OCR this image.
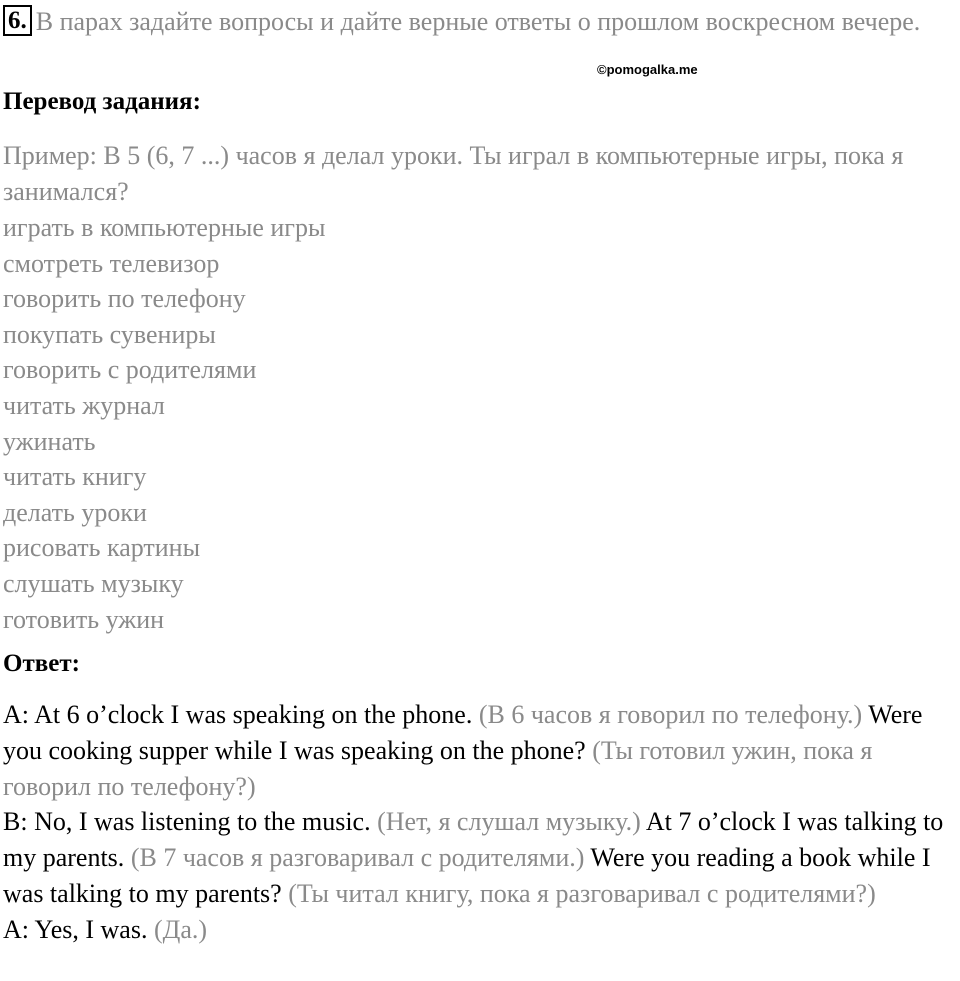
6. В парах задайте вопросы и дайте верные ответы о прошлом воскресном вечере.
©pomogalka.me
Перевод задания:
Пример: В 5 (6, 7 ...) часов я делал уроки. Ты играл в компьютерные игры, пока я занимался?
играть в компьютерные игры
смотреть телевизор
говорить по телефону
покупать сувениры
говорить с родителями
читать журнал
ужинать
читать книгу
делать уроки
рисовать картины
слушать музыку
готовить ужин
Ответ:
A: At 6 o’clock I was speaking on the phone. (В 6 часов я говорил по телефону.) Were you cooking supper while I was speaking on the phone? (Ты готовил ужин, пока я говорил по телефону?)
B: No, I was listening to the music. (Нет, я слушал музыку.) At 7 o’clock I was talking to my parents. (В 7 часов я разговаривал с родителями.) Were you reading a book while I was talking to my parents? (Ты читал книгу, пока я разговаривал с родителями?)
A: Yes, I was. (Да.)
